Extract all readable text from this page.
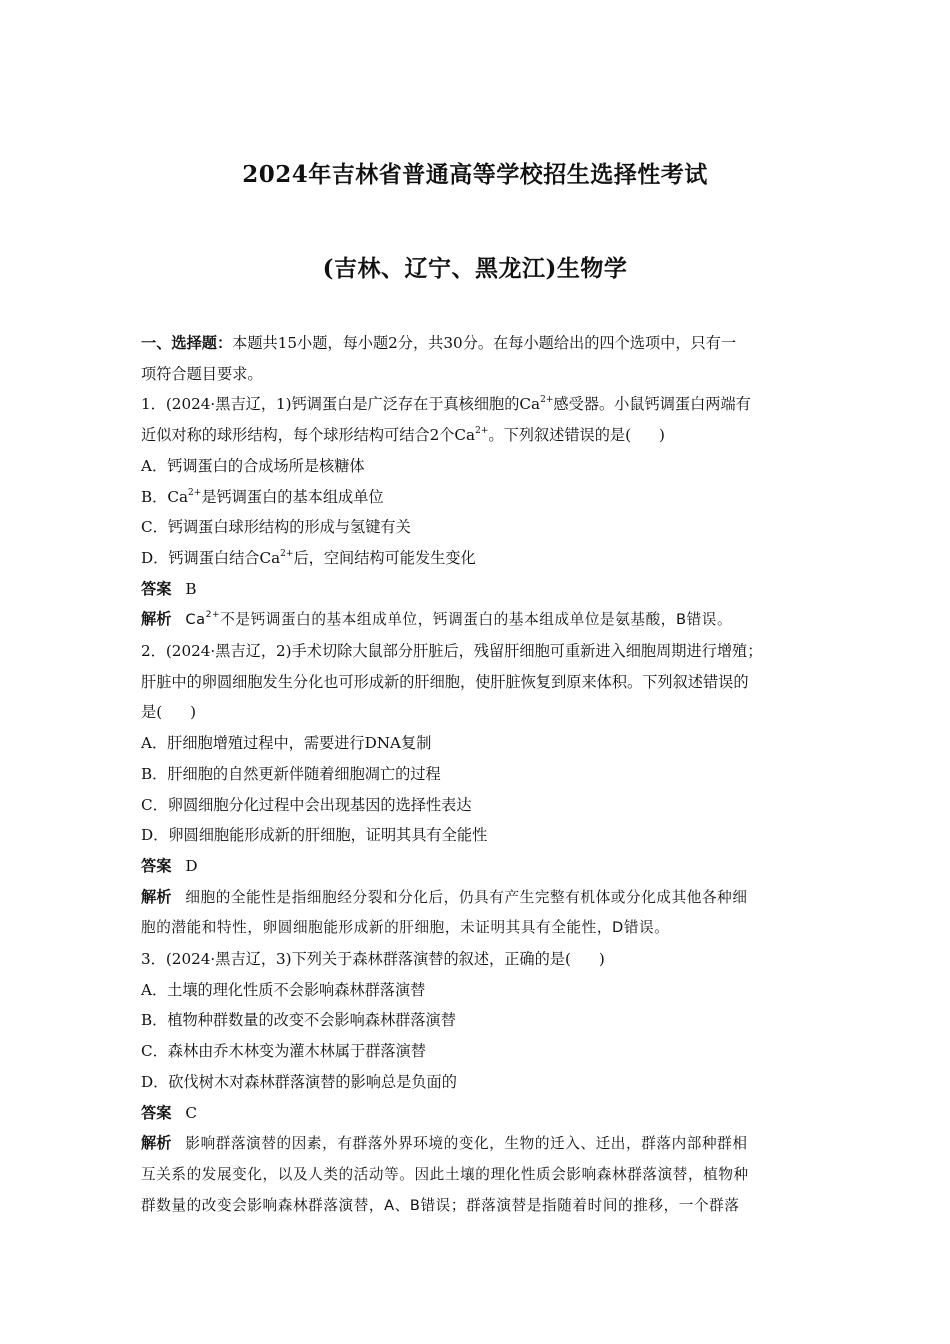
2024年吉林省普通高等学校招生选择性考试
(吉林、辽宁、黑龙江)生物学
一、选择题：本题共15小题，每小题2分，共30分。在每小题给出的四个选项中，只有一
项符合题目要求。
1．(2024·黑吉辽，1)钙调蛋白是广泛存在于真核细胞的$Ca^{2+}$感受器。小鼠钙调蛋白两端有
近似对称的球形结构，每个球形结构可结合2个$Ca^{2+}$。下列叙述错误的是( )
A．钙调蛋白的合成场所是核糖体
B．$Ca^{2+}$是钙调蛋白的基本组成单位
C．钙调蛋白球形结构的形成与氢键有关
D．钙调蛋白结合$Ca^{2+}$后，空间结构可能发生变化
答案 B
解析 $Ca^{2+}$不是钙调蛋白的基本组成单位，钙调蛋白的基本组成单位是氨基酸，B错误。
2．(2024·黑吉辽，2)手术切除大鼠部分肝脏后，残留肝细胞可重新进入细胞周期进行增殖；
肝脏中的卵圆细胞发生分化也可形成新的肝细胞，使肝脏恢复到原来体积。下列叙述错误的
是( )
A．肝细胞增殖过程中，需要进行DNA复制
B．肝细胞的自然更新伴随着细胞凋亡的过程
C．卵圆细胞分化过程中会出现基因的选择性表达
D．卵圆细胞能形成新的肝细胞，证明其具有全能性
答案 D
解析 细胞的全能性是指细胞经分裂和分化后，仍具有产生完整有机体或分化成其他各种细
胞的潜能和特性，卵圆细胞能形成新的肝细胞，未证明其具有全能性，D错误。
3．(2024·黑吉辽，3)下列关于森林群落演替的叙述，正确的是( )
A．土壤的理化性质不会影响森林群落演替
B．植物种群数量的改变不会影响森林群落演替
C．森林由乔木林变为灌木林属于群落演替
D．砍伐树木对森林群落演替的影响总是负面的
答案 C
解析 影响群落演替的因素，有群落外界环境的变化，生物的迁入、迁出，群落内部种群相
互关系的发展变化，以及人类的活动等。因此土壤的理化性质会影响森林群落演替，植物种
群数量的改变会影响森林群落演替，A、B错误；群落演替是指随着时间的推移，一个群落
